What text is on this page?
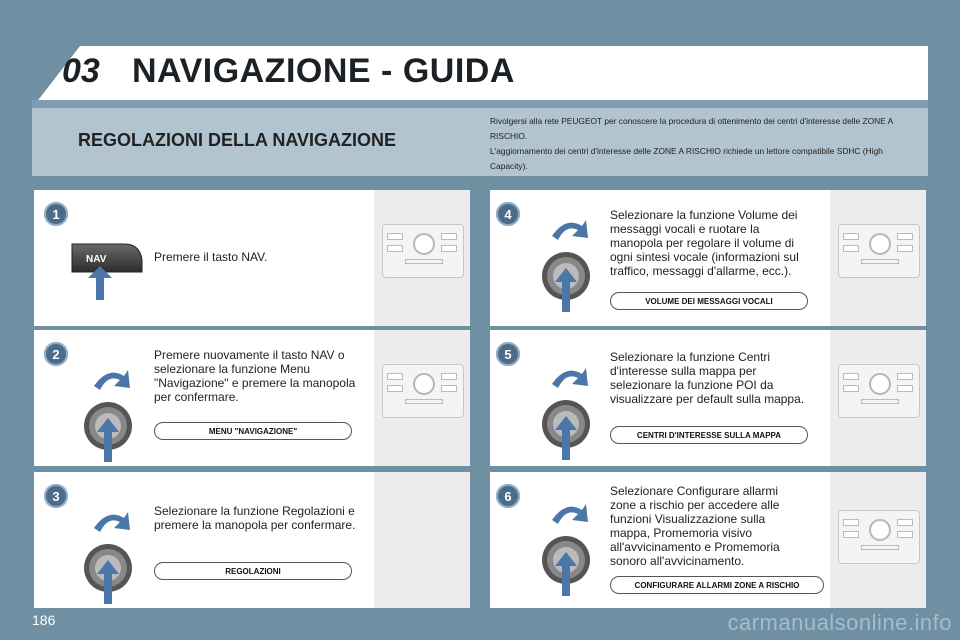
03 NAVIGAZIONE - GUIDA
REGOLAZIONI DELLA NAVIGAZIONE

Rivolgersi alla rete PEUGEOT per conoscere la procedura di ottenimento dei centri d'interesse delle ZONE A RISCHIO.

L'aggiornamento dei centri d'interesse delle ZONE A RISCHIO richiede un lettore compatibile SDHC (High Capacity).

1
NAV	Premere il tasto NAV.
2	Premere nuovamente il tasto NAV o selezionare la funzione Menu "Navigazione" e premere la manopola per confermare.
MENU "NAVIGAZIONE"
3
Selezionare la funzione Regolazioni e premere la manopola per confermare.
REGOLAZIONI
4	Selezionare la funzione Volume dei messaggi vocali e ruotare la manopola per regolare il volume di ogni sintesi vocale (informazioni sul traffico, messaggi d'allarme, ecc.).
VOLUME DEI MESSAGGI VOCALI
5	Selezionare la funzione Centri d'interesse sulla mappa per selezionare la funzione POI da visualizzare per default sulla mappa.
CENTRI D'INTERESSE SULLA MAPPA
6	Selezionare Configurare allarmi zone a rischio per accedere alle funzioni Visualizzazione sulla mappa, Promemoria visivo all'avvicinamento e Promemoria sonoro all'avvicinamento.
CONFIGURARE ALLARMI ZONE A RISCHIO
186	carmanualsonline.info
